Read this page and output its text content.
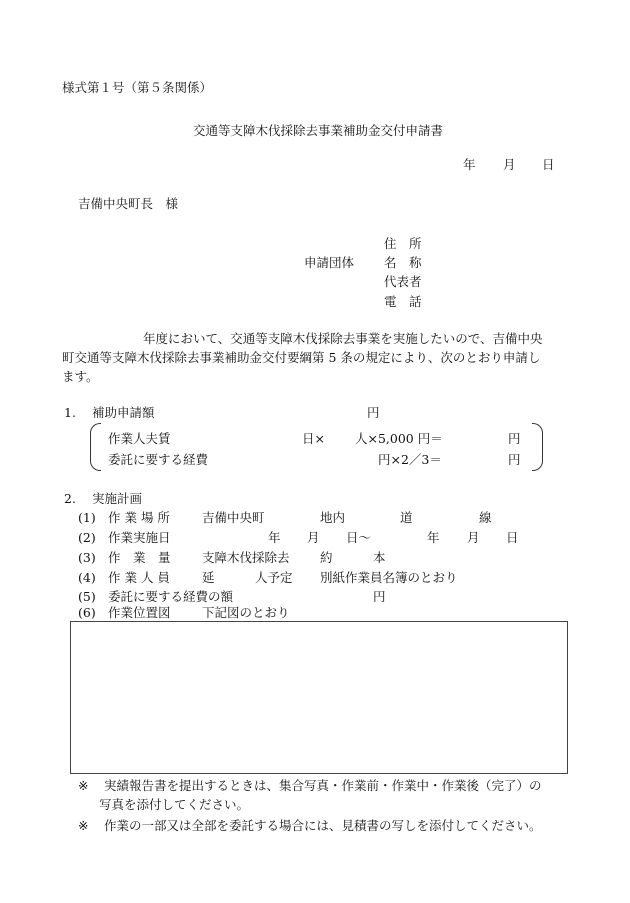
様式第１号（第５条関係）
交通等支障木伐採除去事業補助金交付申請書
年 月 日
吉備中央町長　様
住　所
申請団体 名　称
代表者
電　話
年度において、交通等支障木伐採除去事業を実施したいので、吉備中央
町交通等支障木伐採除去事業補助金交付要綱第 5 条の規定により、次のとおり申請し
ます。
1. 補助申請額	円
作業人夫賃	日× 人×5,000 円＝	円
委託に要する経費	円×2／3＝	円
2. 実施計画
(1) 作 業 場 所	吉備中央町	地内	道	線
(2) 作業実施日	年 月 日～	年 月 日
(3) 作　業　量	支障木伐採除去 約	本
(4) 作 業 人 員	延	人予定 別紙作業員名簿のとおり
(5) 委託に要する経費の額	円
(6) 作業位置図	下記図のとおり
※ 実績報告書を提出するときは、集合写真・作業前・作業中・作業後（完了）の
写真を添付してください。
※ 作業の一部又は全部を委託する場合には、見積書の写しを添付してください。
